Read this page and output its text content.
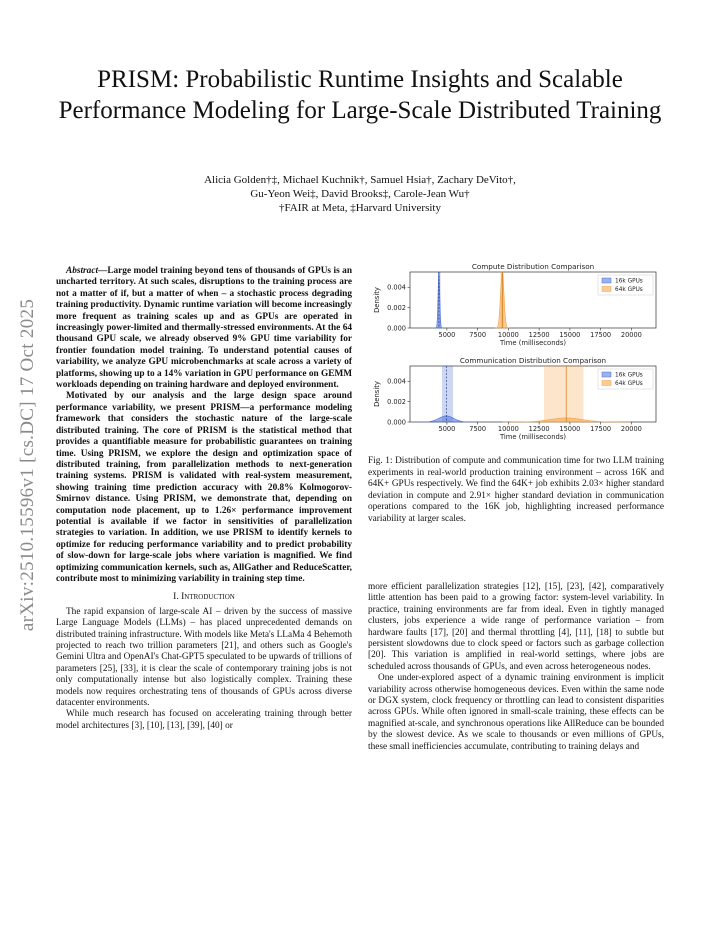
PRISM: Probabilistic Runtime Insights and Scalable Performance Modeling for Large-Scale Distributed Training
Alicia Golden†‡, Michael Kuchnik†, Samuel Hsia†, Zachary DeVito†,
Gu-Yeon Wei‡, David Brooks‡, Carole-Jean Wu†
†FAIR at Meta, ‡Harvard University
arXiv:2510.15596v1 [cs.DC] 17 Oct 2025

Abstract—Large model training beyond tens of thousands of GPUs is an uncharted territory. At such scales, disruptions to the training process are not a matter of if, but a matter of when – a stochastic process degrading training productivity. Dynamic runtime variation will become increasingly more frequent as training scales up and as GPUs are operated in increasingly power-limited and thermally-stressed environments. At the 64 thousand GPU scale, we already observed 9% GPU time variability for frontier foundation model training. To understand potential causes of variability, we analyze GPU microbenchmarks at scale across a variety of platforms, showing up to a 14% variation in GPU performance on GEMM workloads depending on training hardware and deployed environment.

Motivated by our analysis and the large design space around performance variability, we present PRISM—a performance modeling framework that considers the stochastic nature of the large-scale distributed training. The core of PRISM is the statistical method that provides a quantifiable measure for probabilistic guarantees on training time. Using PRISM, we explore the design and optimization space of distributed training, from parallelization methods to next-generation training systems. PRISM is validated with real-system measurement, showing training time prediction accuracy with 20.8% Kolmogorov-Smirnov distance. Using PRISM, we demonstrate that, depending on computation node placement, up to 1.26× performance improvement potential is available if we factor in sensitivities of parallelization strategies to variation. In addition, we use PRISM to identify kernels to optimize for reducing performance variability and to predict probability of slow-down for large-scale jobs where variation is magnified. We find optimizing communication kernels, such as, AllGather and ReduceScatter, contribute most to minimizing variability in training step time.

I. Introduction

The rapid expansion of large-scale AI – driven by the success of massive Large Language Models (LLMs) – has placed unprecedented demands on distributed training infrastructure. With models like Meta's LLaMa 4 Behemoth projected to reach two trillion parameters [21], and others such as Google's Gemini Ultra and OpenAI's Chat-GPT5 speculated to be upwards of trillions of parameters [25], [33], it is clear the scale of contemporary training jobs is not only computationally intense but also logistically complex. Training these models now requires orchestrating tens of thousands of GPUs across diverse datacenter environments.

While much research has focused on accelerating training through better model architectures [3], [10], [13], [39], [40] or

Compute Distribution Comparison
5000 7500 10000 12500 15000 17500 20000
0.000
0.002
0.004
Time (milliseconds)
Density
16k GPUs
64k GPUs
Communication Distribution Comparison
5000 7500 10000 12500 15000 17500 20000
0.000
0.002
0.004
Time (milliseconds)
Density
16k GPUs
64k GPUs
Fig. 1: Distribution of compute and communication time for two LLM training experiments in real-world production training environment – across 16K and 64K+ GPUs respectively. We find the 64K+ job exhibits 2.03× higher standard deviation in compute and 2.91× higher standard deviation in communication operations compared to the 16K job, highlighting increased performance variability at larger scales.

more efficient parallelization strategies [12], [15], [23], [42], comparatively little attention has been paid to a growing factor: system-level variability. In practice, training environments are far from ideal. Even in tightly managed clusters, jobs experience a wide range of performance variation – from hardware faults [17], [20] and thermal throttling [4], [11], [18] to subtle but persistent slowdowns due to clock speed or factors such as garbage collection [20]. This variation is amplified in real-world settings, where jobs are scheduled across thousands of GPUs, and even across heterogeneous nodes.

One under-explored aspect of a dynamic training environment is implicit variability across otherwise homogeneous devices. Even within the same node or DGX system, clock frequency or throttling can lead to consistent disparities across GPUs. While often ignored in small-scale training, these effects can be magnified at-scale, and synchronous operations like AllReduce can be bounded by the slowest device. As we scale to thousands or even millions of GPUs, these small inefficiencies accumulate, contributing to training delays and
